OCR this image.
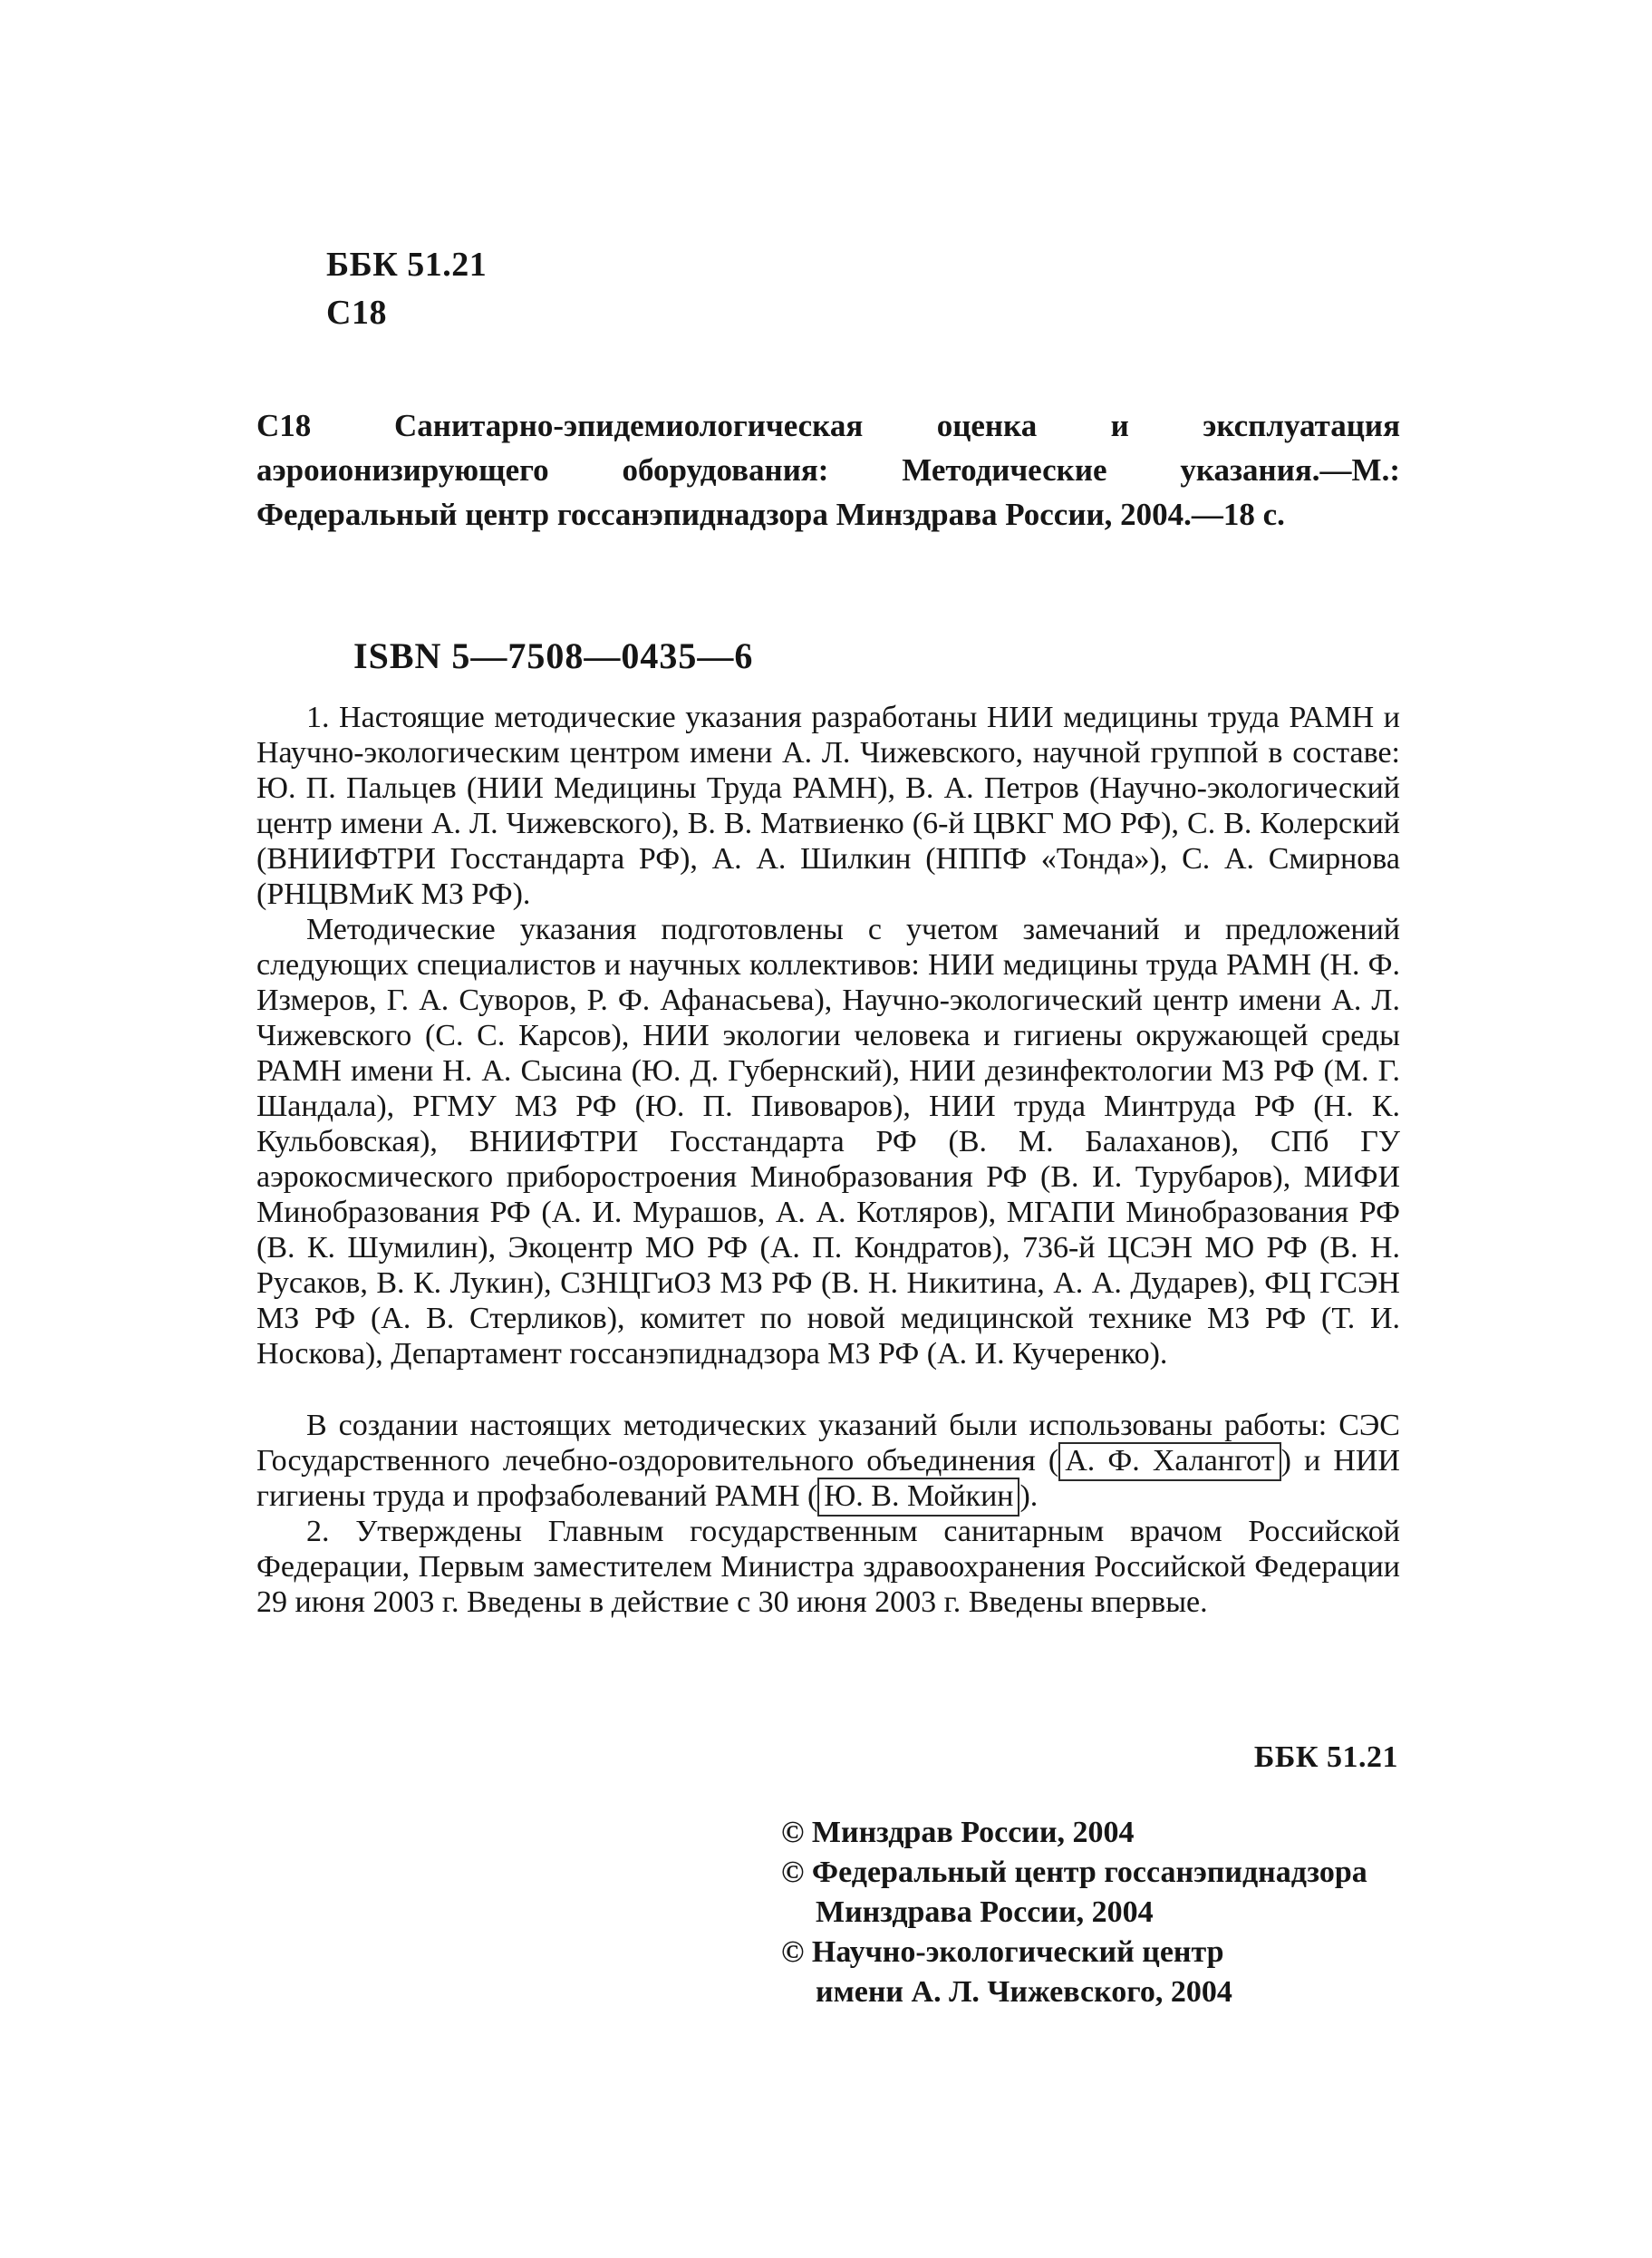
ББК 51.21
С18
С18	Санитарно-эпидемиологическая оценка и эксплуатация аэроионизирующего оборудования: Методические указания.—М.: Федеральный центр госсанэпиднадзора Минздрава России, 2004.—18 с.

ISBN 5—7508—0435—6

1. Настоящие методические указания разработаны НИИ медицины труда РАМН и Научно-экологическим центром имени А. Л. Чижевского, научной группой в составе: Ю. П. Пальцев (НИИ Медицины Труда РАМН), В. А. Петров (Научно-экологический центр имени А. Л. Чижевского), В. В. Матвиенко (6-й ЦВКГ МО РФ), С. В. Колерский (ВНИИФТРИ Госстандарта РФ), А. А. Шилкин (НППФ «Тонда»), С. А. Смирнова (РНЦВМиК МЗ РФ).

Методические указания подготовлены с учетом замечаний и предложений следующих специалистов и научных коллективов: НИИ медицины труда РАМН (Н. Ф. Измеров, Г. А. Суворов, Р. Ф. Афанасьева), Научно-экологический центр имени А. Л. Чижевского (С. С. Карсов), НИИ экологии человека и гигиены окружающей среды РАМН имени Н. А. Сысина (Ю. Д. Губернский), НИИ дезинфектологии МЗ РФ (М. Г. Шандала), РГМУ МЗ РФ (Ю. П. Пивоваров), НИИ труда Минтруда РФ (Н. К. Кульбовская), ВНИИФТРИ Госстандарта РФ (В. М. Балаханов), СПб ГУ аэрокосмического приборостроения Минобразования РФ (В. И. Турубаров), МИФИ Минобразования РФ (А. И. Мурашов, А. А. Котляров), МГАПИ Минобразования РФ (В. К. Шумилин), Экоцентр МО РФ (А. П. Кондратов), 736-й ЦСЭН МО РФ (В. Н. Русаков, В. К. Лукин), СЗНЦГиОЗ МЗ РФ (В. Н. Никитина, А. А. Дударев), ФЦ ГСЭН МЗ РФ (А. В. Стерликов), комитет по новой медицинской технике МЗ РФ (Т. И. Носкова), Департамент госсанэпиднадзора МЗ РФ (А. И. Кучеренко).

В создании настоящих методических указаний были использованы работы: СЭС Государственного лечебно-оздоровительного объединения ( А. Ф. Халангот ) и НИИ гигиены труда и профзаболеваний РАМН ( Ю. В. Мойкин ).

2. Утверждены Главным государственным санитарным врачом Российской Федерации, Первым заместителем Министра здравоохранения Российской Федерации 29 июня 2003 г. Введены в действие с 30 июня 2003 г. Введены впервые.

ББК 51.21
© Минздрав России, 2004
© Федеральный центр госсанэпиднадзора
Минздрава России, 2004
© Научно-экологический центр
имени А. Л. Чижевского, 2004
